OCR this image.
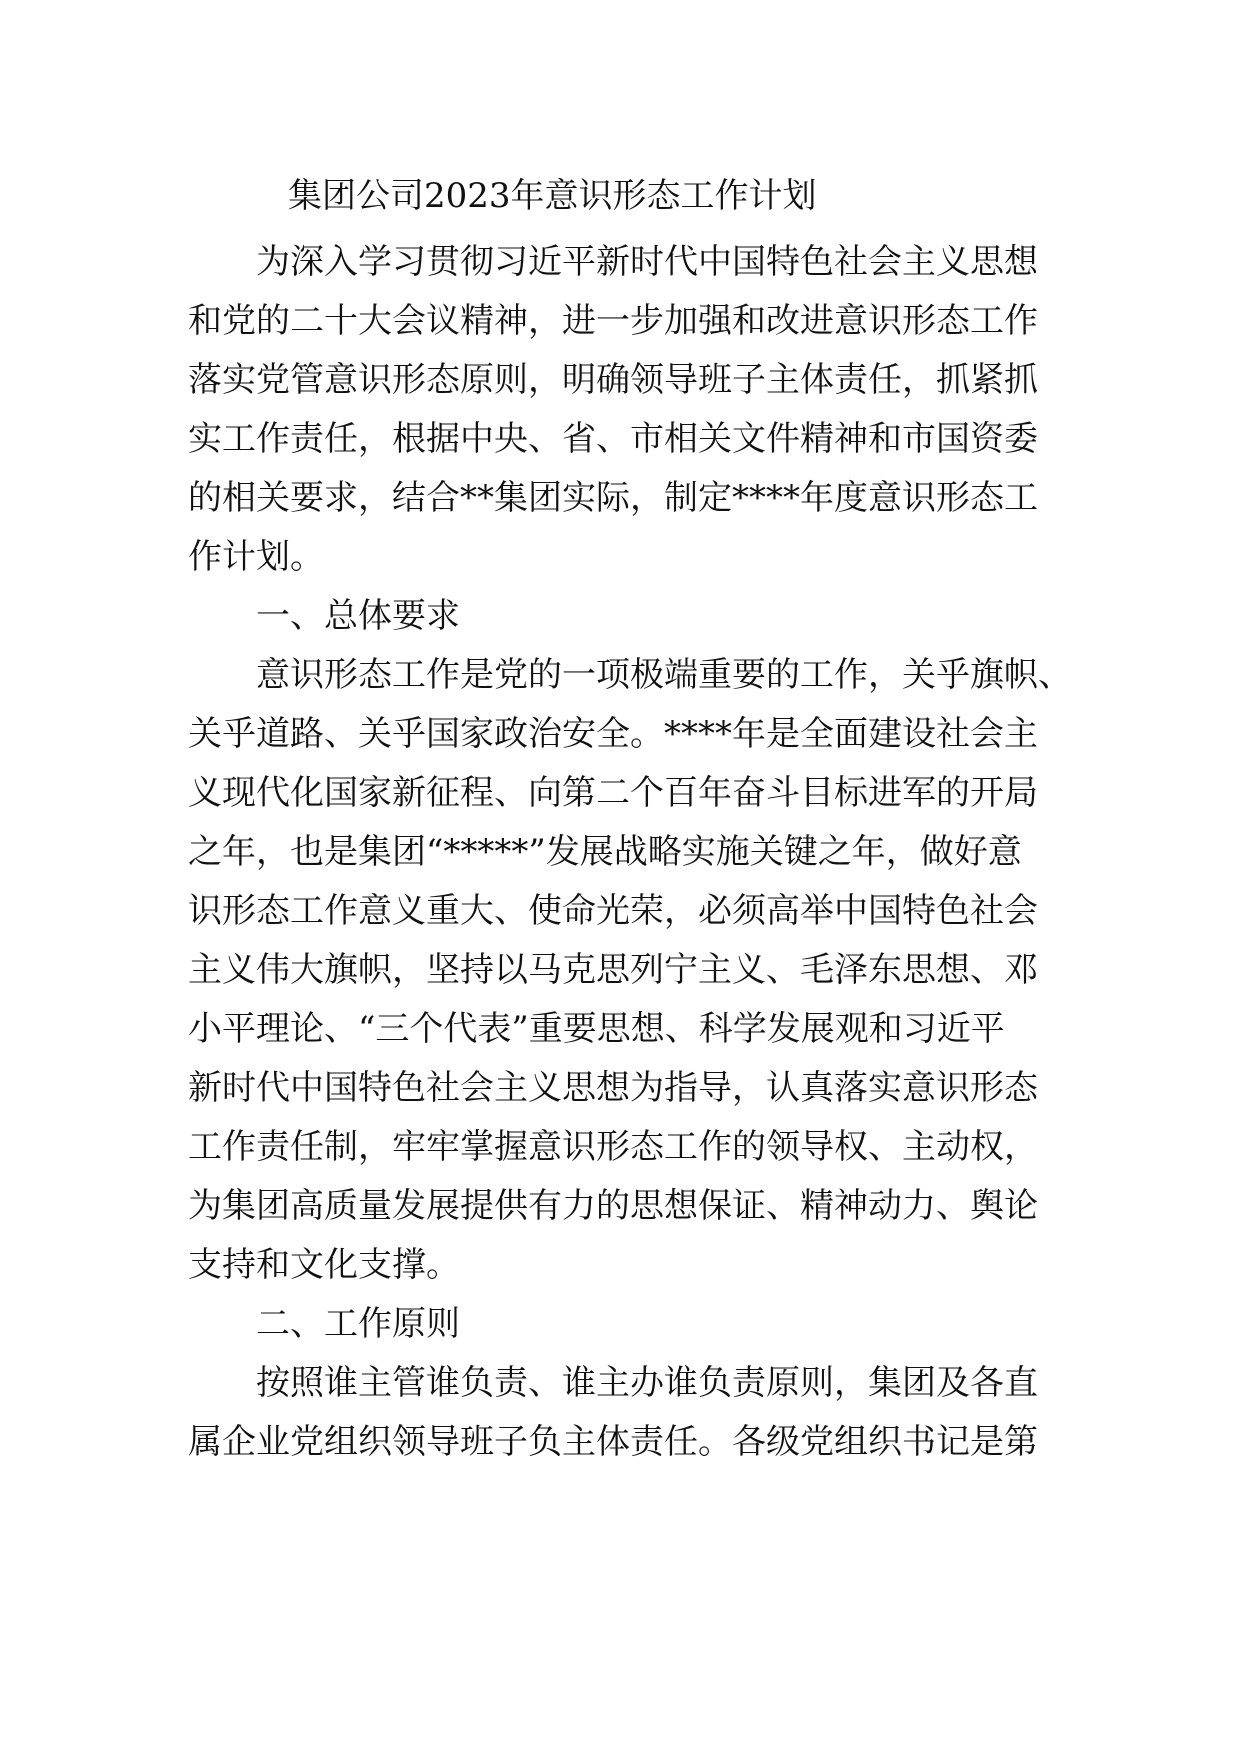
集团公司2023年意识形态工作计划
为深入学习贯彻习近平新时代中国特色社会主义思想
和党的二十大会议精神，进一步加强和改进意识形态工作
落实党管意识形态原则，明确领导班子主体责任，抓紧抓
实工作责任，根据中央、省、市相关文件精神和市国资委
的相关要求，结合**集团实际，制定****年度意识形态工
作计划。
一、总体要求
意识形态工作是党的一项极端重要的工作，关乎旗帜、
关乎道路、关乎国家政治安全。****年是全面建设社会主
义现代化国家新征程、向第二个百年奋斗目标进军的开局
之年，也是集团“*****”发展战略实施关键之年，做好意
识形态工作意义重大、使命光荣，必须高举中国特色社会
主义伟大旗帜，坚持以马克思列宁主义、毛泽东思想、邓
小平理论、“三个代表”重要思想、科学发展观和习近平
新时代中国特色社会主义思想为指导，认真落实意识形态
工作责任制，牢牢掌握意识形态工作的领导权、主动权，
为集团高质量发展提供有力的思想保证、精神动力、舆论
支持和文化支撑。
二、工作原则
按照谁主管谁负责、谁主办谁负责原则，集团及各直
属企业党组织领导班子负主体责任。各级党组织书记是第
